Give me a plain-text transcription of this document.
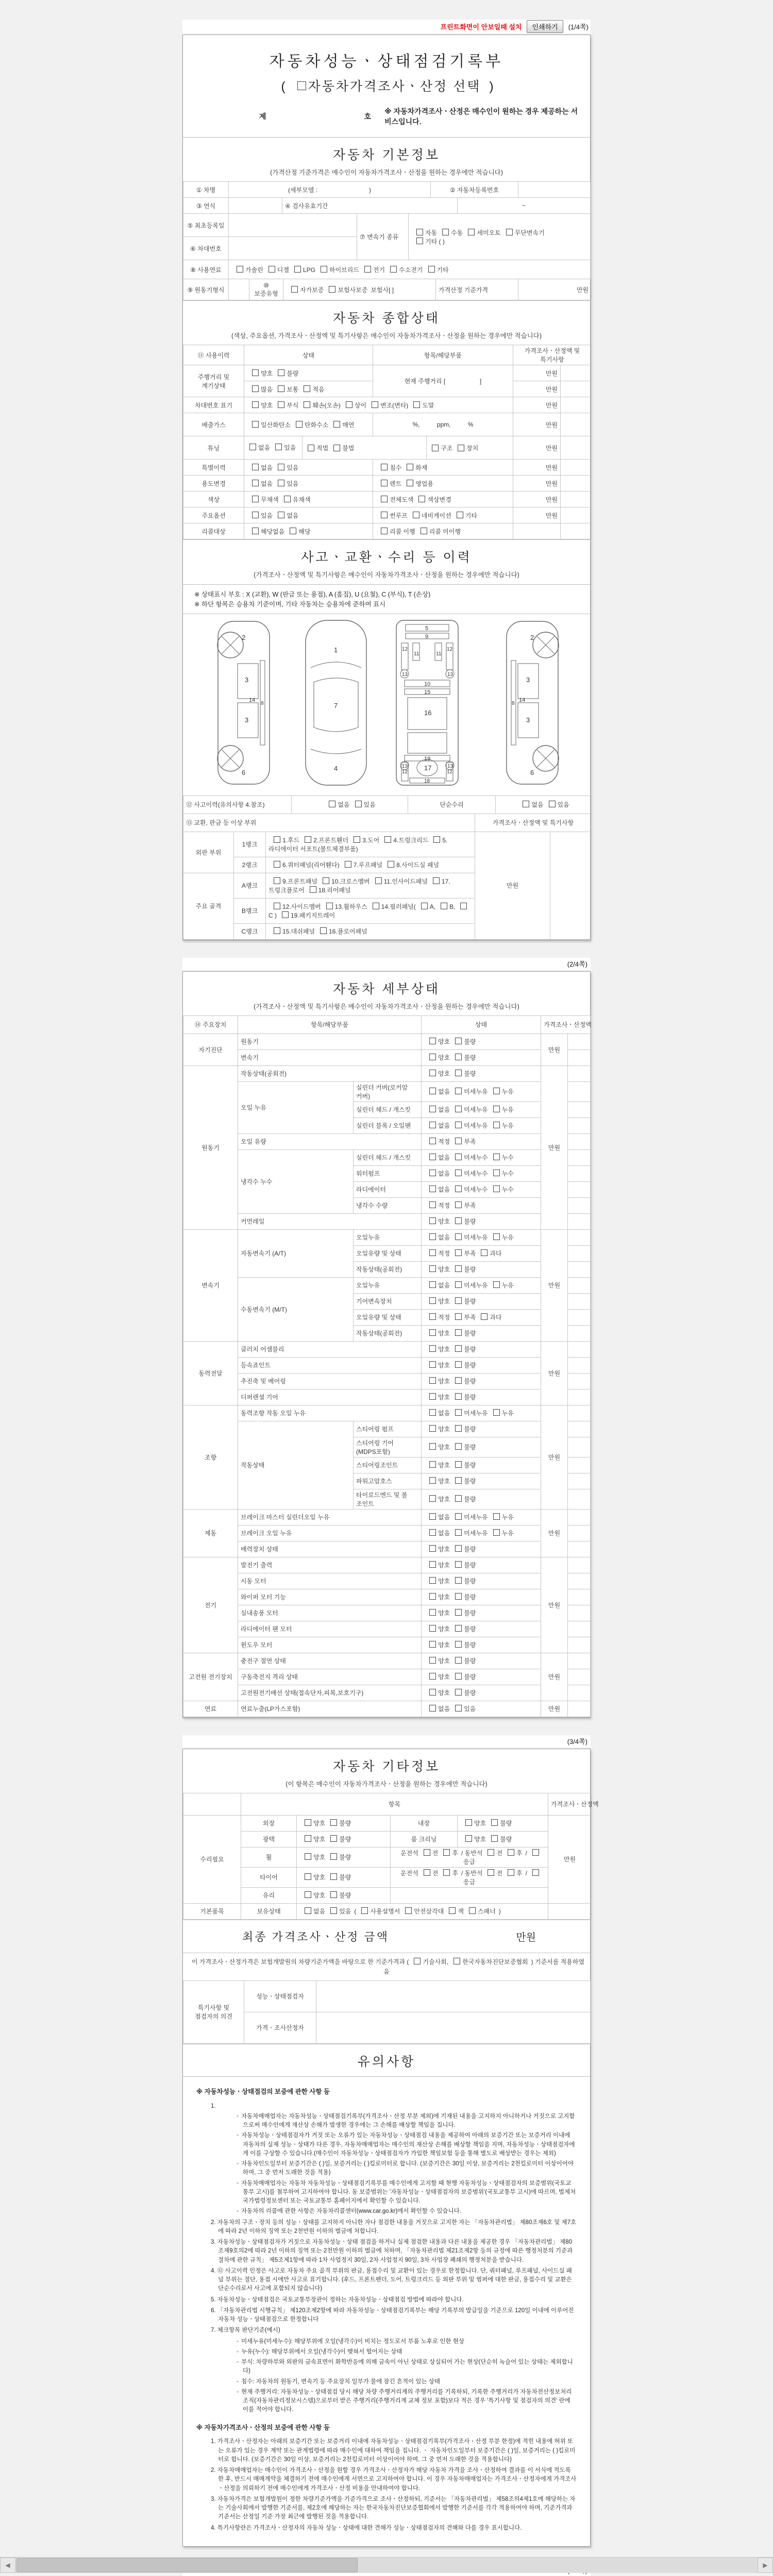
프린트화면이 안보일때 설치	인쇄하기	(1/4쪽)
자동차성능ㆍ상태점검기록부
( 자동차가격조사ㆍ산정 선택 )
제	호
※ 자동차가격조사ㆍ산정은 매수인이 원하는 경우 제공하는 서비스입니다.
자동차 기본정보
(가격산정 기준가격은 매수인이 자동차가격조사ㆍ산정을 원하는 경우에만 적습니다)
① 차명	(세부모델 :                              )	② 자동차등록번호	
③ 연식		④ 검사유효기간	~
⑤ 최초등록일		⑦ 변속기 종류	자동 수동 세미오토 무단변속기
기타 ( )

⑥ 차대번호			
⑧ 사용연료	가솔린 디젤 LPG 하이브리드 전기 수소전기 기타
⑨ 원동기형식		⑩ 보증유형	자가보증 보험사보증 보험사[ ]	가격산정 기준가격	만원
자동차 종합상태
(색상, 주요옵션, 가격조사ㆍ산정액 및 특기사항은 매수인이 자동차가격조사ㆍ산정을 원하는 경우에만 적습니다)
⑪ 사용이력	상태	항목/해당부품	가격조사ㆍ산정액 및 특기사항	
주행거리 및 계기상태	양호 불량	현재 주행거리 [                    ]	만원	
	많음 보통 적음		만원	
차대번호 표기	양호 부식 훼손(오손) 상이 변조(변타) 도말		만원	
배출가스	일산화탄소 탄화수소 매연	%,          ppm,          %	만원	
튜닝	없음 있음 적법 불법 구조 장치		만원	
특별이력	없음 있음	침수 화재	만원	
용도변경	없음 있음	렌트 영업용	만원	
색상	무채색 유채색	전체도색 색상변경	만원	
주요옵션	있음 없음	썬루프 네비게이션 기타	만원	
리콜대상	해당없음 해당	리콜 이행 리콜 미이행		
사고ㆍ교환ㆍ수리 등 이력
(가격조사ㆍ산정액 및 특기사항은 매수인이 자동차가격조사ㆍ산정을 원하는 경우에만 적습니다)
※ 상태표시 부호 : X (교환), W (판금 또는 용접), A (흠집), U (요철), C (부식), T (손상)
※ 하단 항목은 승용차 기준이며, 기타 자동차는 승용차에 준하여 표시
2
8
3
14
3
6
1
7
4
5
9
11	11
12	12
13	13
10
15
16
19
17
12	12
13	13
18
2
8
3
14
3
6
⑫ 사고이력(유의사항 4.참조)	없음 있음	단순수리	없음 있음
⑬ 교환, 판금 등 이상 부위			가격조사ㆍ산정액 및 특기사항	
외판 부위	1랭크	1.후드 2.프론트휀더 3.도어 4.트렁크리드 5.라디에이터 서포트(볼트체결부품)	만원	
	2랭크	6.쿼터패널(리어휀다) 7.루프패널 8.사이드실 패널		
주요 골격	A랭크	9.프론트패널 10.크로스멤버 11.인사이드패널 17.트렁크플로어 18.리어패널		
	B랭크	12.사이드멤버 13.휠하우스 14.필러패널( A, B,C ) 19.패키지트레이		
	C랭크	15.대쉬패널 16.플로어패널		
(2/4쪽)
자동차 세부상태
(가격조사ㆍ산정액 및 특기사항은 매수인이 자동차가격조사ㆍ산정을 원하는 경우에만 적습니다)
⑭ 주요장치	항목/해당부품		상태	가격조사ㆍ산정액	
자기진단	원동기		양호 불량	만원	
	변속기		양호 불량		
원동기	작동상태(공회전)		양호 불량	만원	
	오일 누유	실린더 커버(로커암 커버)	없음 미세누유 누유		
		실린더 헤드 / 개스킷	없음 미세누유 누유		
		실린더 블록 / 오일팬	없음 미세누유 누유		
	오일 유량		적정 부족		
	냉각수 누수	실린더 헤드 / 개스킷	없음 미세누수 누수		
		워터펌프	없음 미세누수 누수		
		라디에이터	없음 미세누수 누수		
		냉각수 수량	적정 부족		
	커먼레일		양호 불량		
변속기	자동변속기 (A/T)	오일누유	없음 미세누유 누유	만원	
		오일유량 및 상태	적정 부족 과다		
		작동상태(공회전)	양호 불량		
	수동변속기 (M/T)	오일누유	없음 미세누유 누유		
		기어변속장치	양호 불량		
		오일유량 및 상태	적정 부족 과다		
		작동상태(공회전)	양호 불량		
동력전달	클러치 어셈블리		양호 불량	만원	
	등속죠인트		양호 불량		
	추진축 및 베어링		양호 불량		
	디퍼렌셜 기어		양호 불량		
조향	동력조향 작동 오일 누유		없음 미세누유 누유	만원	
	작동상태	스티어링 펌프	양호 불량		
		스티어링 기어(MDPS포함)	양호 불량		
		스티어링조인트	양호 불량		
		파워고압호스	양호 불량		
		타이로드엔드 및 볼 조인트	양호 불량		
제동	브레이크 마스터 실린더오일 누유		없음 미세누유 누유	만원	
	브레이크 오일 누유		없음 미세누유 누유		
	배력장치 상태		양호 불량		
전기	발전기 출력		양호 불량	만원	
	시동 모터		양호 불량		
	와이퍼 모터 기능		양호 불량		
	실내송풍 모터		양호 불량		
	라디에이터 팬 모터		양호 불량		
	윈도우 모터		양호 불량		
고전원 전기장치	충전구 절연 상태		양호 불량	만원	
	구동축전지 격리 상태		양호 불량		
	고전원전기배선 상태(접속단자,피복,보호기구)		양호 불량		
연료	연료누출(LP가스포함)		없음 있음	만원	
(3/4쪽)
자동차 기타정보
(이 항목은 매수인이 자동차가격조사ㆍ산정을 원하는 경우에만 적습니다)
	항목				가격조사ㆍ산정액
수리필요	외장	양호 불량	내장	양호 불량	만원
	광택	양호 불량	룸 크리닝	양호 불량	
	휠	양호 불량	운전석 전 후 / 동반석 전 후 /응급		
	타이어	양호 불량	운전석 전 후 / 동반석 전 후 /응급		
	유리	양호 불량			
기본품목	보유상태	없음 있음 ( 사용설명서 안전삼각대 잭 스패너 )			
최종 가격조사ㆍ산정 금액	만원
이 가격조사ㆍ산정가격은 보험개발원의 차량기준가액을 바탕으로 한 기준가격과 ( 기술사회, 한국자동차진단보증협회 ) 기준서를 적용하였음
특기사항 및 점검자의 의견	성능ㆍ상태점검자	
	가격ㆍ조사산정자	
유의사항
※ 자동차성능ㆍ상태점검의 보증에 관한 사항 등
1.
◦ 자동차매매업자는 자동차성능ㆍ상태점검기록부(가격조사ㆍ산정 부분 제외)에 기재된 내용을 고지하지 아니하거나 거짓으로 고지함으로써 매수인에게 재산상 손해가 발생한 경우에는 그 손해를 배상할 책임을 집니다.
◦ 자동차성능ㆍ상태점검자가 거짓 또는 오류가 있는 자동차성능ㆍ상태점검 내용을 제공하여 아래의 보증기간 또는 보증거리 이내에 자동차의 실제 성능ㆍ상태가 다른 경우, 자동차매매업자는 매수인의 재산상 손해를 배상할 책임을 지며, 자동차성능ㆍ상태점검자에게 이를 구상할 수 있습니다.(매수인이 자동차성능ㆍ상태점검자가 가입한 책임보험 등을 통해 별도로 배상받는 경우는 제외)
◦ 자동차인도일부터 보증기간은 ( )일, 보증거리는 ( )킬로미터로 합니다. (보증기간은 30일 이상, 보증거리는 2천킬로미터 이상이어야 하며, 그 중 먼저 도래한 것을 적용)
◦ 자동차매매업자는 자동차 자동차성능ㆍ상태점검기록부를 매수인에게 고지할 때 현행 자동차성능ㆍ상태점검자의 보증범위(국토교통부 고시)를 첨부하여 고지하여야 합니다. 동 보증범위는 '자동차성능ㆍ상태점검자의 보증범위'(국토교통부 고시)에 따르며, 법제처 국가법령정보센터 또는 국토교통부 홈페이지에서 확인할 수 있습니다.
◦ 자동차의 리콜에 관한 사항은 자동차리콜센터(www.car.go.kr)에서 확인할 수 있습니다.
2. 자동차의 구조ㆍ장치 등의 성능ㆍ상태를 고지하지 아니한 자나 점검한 내용을 거짓으로 고지한 자는 「자동차관리법」 제80조제6호 및 제7호에 따라 2년 이하의 징역 또는 2천만원 이하의 벌금에 처합니다.
3. 자동차성능ㆍ상태점검자가 거짓으로 자동차성능ㆍ상태 점검을 하거나 실제 점검한 내용과 다른 내용을 제공한 경우 「자동차관리법」 제80조제9호의2에 따라 2년 이하의 징역 또는 2천만원 이하의 벌금에 처하며, 「자동차관리법 제21조제2항 등의 규정에 따른 행정처분의 기준과 절차에 관한 규칙」 제5조제1항에 따라 1차 사업정지 30일, 2차 사업정지 90일, 3차 사업장 폐쇄의 행정처분을 받습니다.
4. ⑫ 사고이력 인정은 사고로 자동차 주요 골격 부위의 판금, 용접수리 및 교환이 있는 경우로 한정합니다. 단, 쿼터패널, 루프패널, 사이드실 패널 부위는 절단, 용접 시에만 사고로 표기합니다. (후드, 프론트펜더, 도어, 트렁크리드 등 외판 부위 및 범퍼에 대한 판금, 용접수리 및 교환은 단순수리로서 사고에 포함되지 않습니다)
5. 자동차성능ㆍ상태점검은 국토교통부장관이 정하는 자동차성능ㆍ상태점검 방법에 따라야 합니다.
6. 「자동차관리법 시행규칙」 제120조제2항에 따라 자동차성능ㆍ상태점검기록부는 해당 기록부의 발급일을 기준으로 120일 이내에 이루어진 자동차 성능ㆍ상태점검으로 한정합니다
7. 체크항목 판단기준(예시)
◦ 미세누유(미세누수): 해당부위에 오일(냉각수)이 비치는 정도로서 부품 노후로 인한 현상
◦ 누유(누수): 해당부위에서 오일(냉각수)이 맺혀서 떨어지는 상태
◦ 부식: 차량하부와 외판의 금속표면이 화학반응에 의해 금속이 아닌 상태로 상실되어 가는 현상(단순히 녹슬어 있는 상태는 제외합니다)
◦ 침수: 자동차의 원동기, 변속기 등 주요장치 일부가 물에 잠긴 흔적이 있는 상태
◦ 현재 주행거리: 자동차성능ㆍ상태점검 당시 해당 차량 주행거리계의 주행거리를 기록하되, 기록한 주행거리가 자동차전산정보처리조직(자동차관리정보시스템)으로부터 받은 주행거리(주행거리계 교체 정보 포함)보다 적은 경우 '특기사항 및 점검자의 의견' 란에 이를 적어야 합니다.
※ 자동차가격조사ㆍ산정의 보증에 관한 사항 등
1. 가격조사ㆍ산정자는 아래의 보증기간 또는 보증거리 이내에 자동차성능ㆍ상태점검기록부(가격조사ㆍ산정 부분 한정)에 적힌 내용에 허위 또는 오류가 있는 경우 계약 또는 관계법령에 따라 매수인에 대하여 책임을 집니다. ㆍ 자동차인도일부터 보증기간은 ( )일, 보증거리는 ( )킬로미터로 합니다. (보증기간은 30일 이상, 보증거리는 2천킬로미터 이상이어야 하며, 그 중 먼저 도래한 것을 적용합니다)
2. 자동차매매업자는 매수인이 가격조사ㆍ산정을 원할 경우 가격조사ㆍ산정자가 해당 자동차 가격을 조사ㆍ산정하여 결과를 이 서식에 적도록 한 후, 반드시 매매계약을 체결하기 전에 매수인에게 서면으로 고지하여야 합니다. 이 경우 자동차매매업자는 가격조사ㆍ산정자에게 가격조사ㆍ산정을 의뢰하기 전에 매수인에게 가격조사ㆍ산정 비용을 안내하여야 합니다.
3. 자동차가격은 보험개발원이 정한 차량기준가액을 기준가격으로 조사ㆍ산정하되, 기준서는 「자동차관리법」 제58조의4제1호에 해당하는 자는 기술사회에서 발행한 기준서를, 제2호에 해당하는 자는 한국자동차진단보증협회에서 발행한 기준서를 각각 적용하여야 하며, 기준가격과 기준서는 산정일 기준 가장 최근에 발행된 것을 적용합니다.
4. 특기사항란은 가격조사ㆍ산정자의 자동차 성능ㆍ상태에 대한 견해가 성능ㆍ상태점검자의 견해와 다를 경우 표시합니다.
◀	▶
